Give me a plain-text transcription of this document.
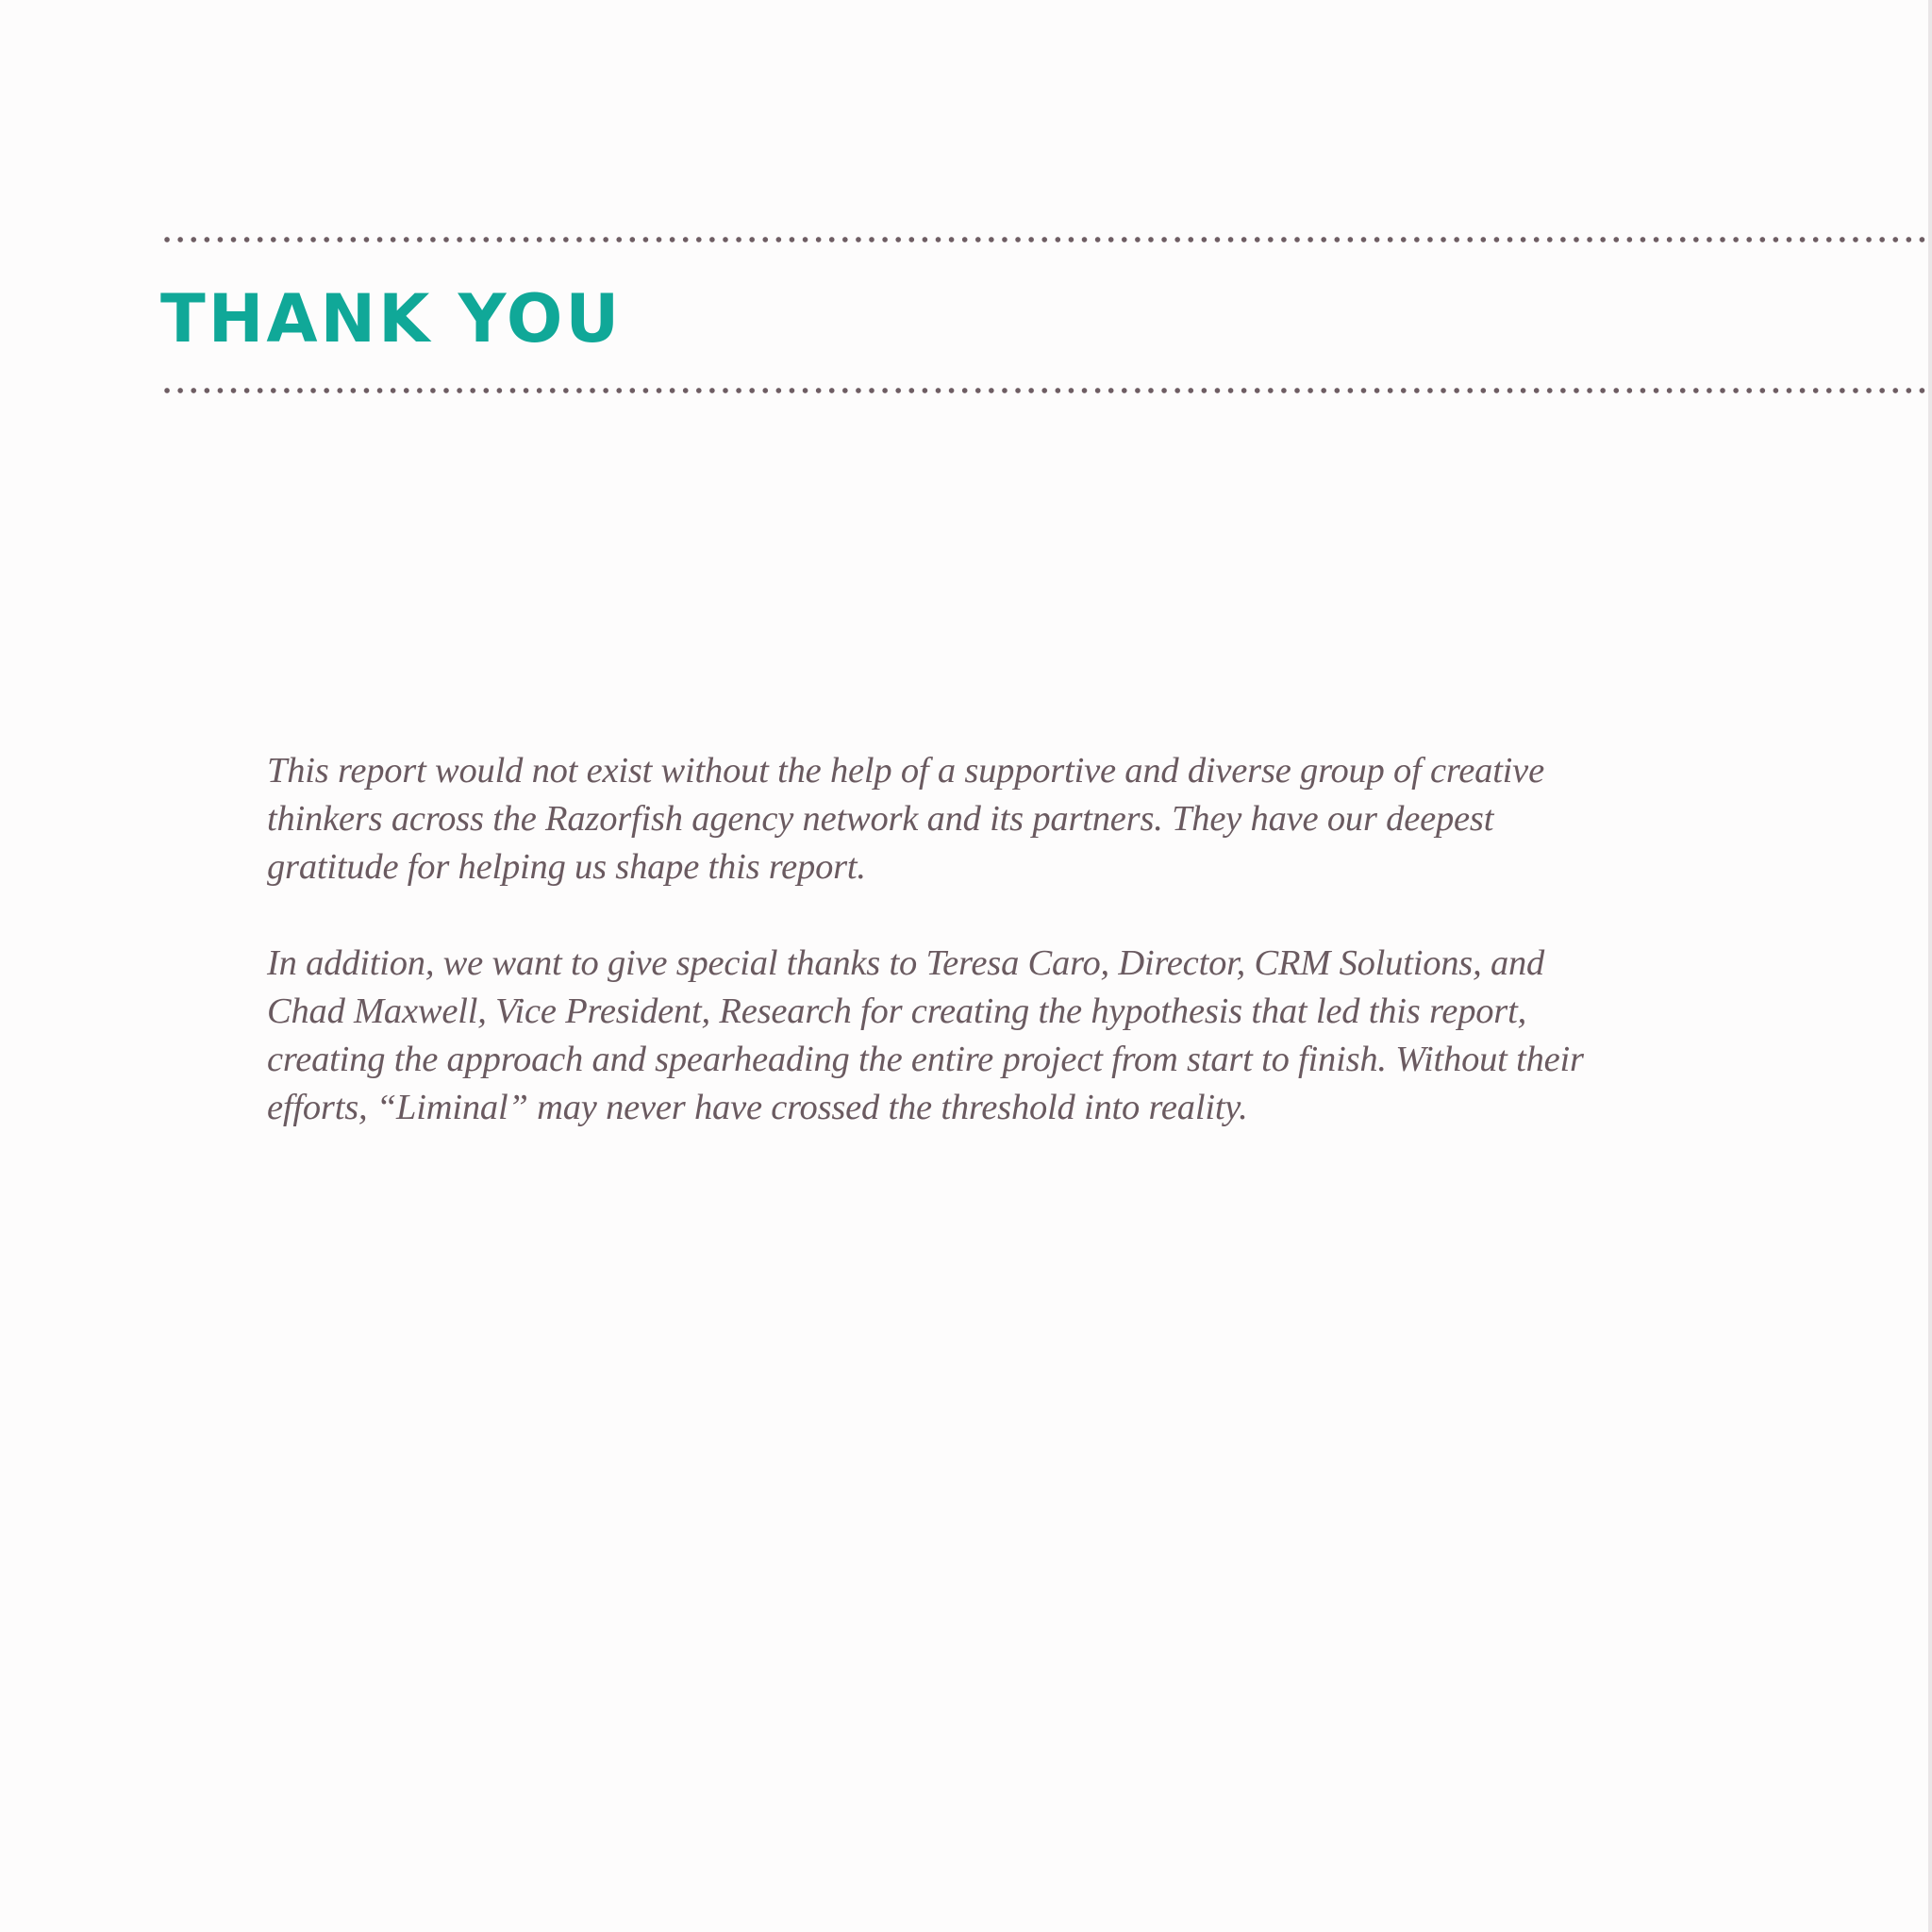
THANK YOU

This report would not exist without the help of a supportive and diverse group of creative thinkers across the Razorfish agency network and its partners. They have our deepest gratitude for helping us shape this report.

In addition, we want to give special thanks to Teresa Caro, Director, CRM Solutions, and Chad Maxwell, Vice President, Research for creating the hypothesis that led this report, creating the approach and spearheading the entire project from start to finish. Without their efforts, “Liminal” may never have crossed the threshold into reality.
